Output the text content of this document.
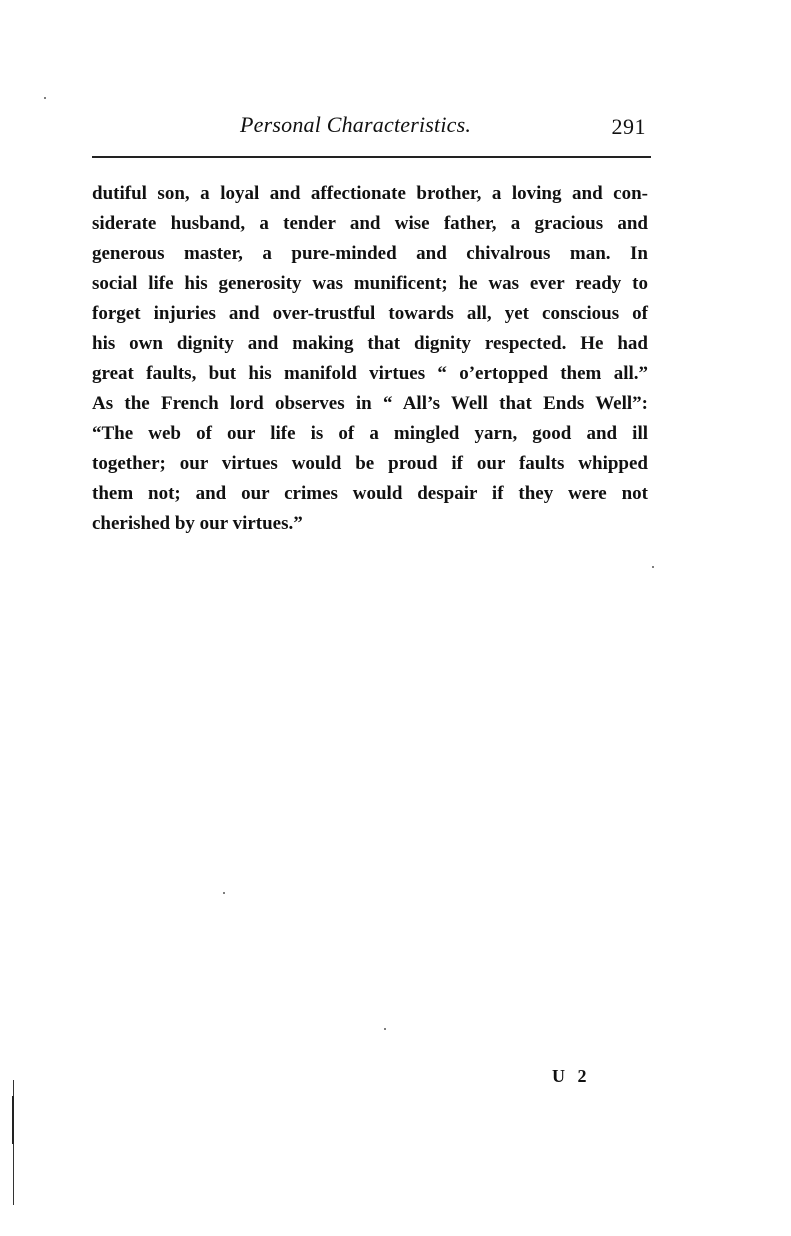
Personal Characteristics.	291
dutiful son, a loyal and affectionate brother, a loving and con-
siderate husband, a tender and wise father, a gracious and
generous master, a pure-minded and chivalrous man. In
social life his generosity was munificent; he was ever ready to
forget injuries and over-trustful towards all, yet conscious of
his own dignity and making that dignity respected. He had
great faults, but his manifold virtues “ o’ertopped them all.”
As the French lord observes in “ All’s Well that Ends Well”:
“The web of our life is of a mingled yarn, good and ill
together; our virtues would be proud if our faults whipped
them not; and our crimes would despair if they were not
cherished by our virtues.”
U 2
